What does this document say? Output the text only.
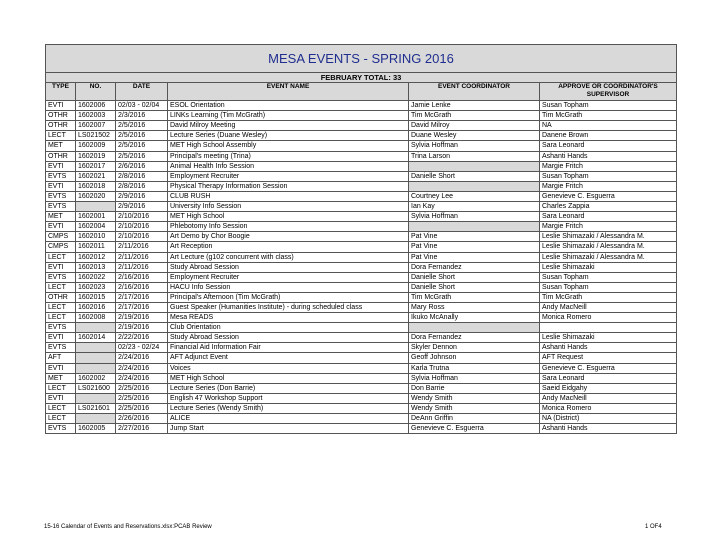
MESA EVENTS - SPRING 2016					
FEBRUARY TOTAL: 33					
TYPE	NO.	DATE	EVENT NAME	EVENT COORDINATOR	APPROVE OR COORDINATOR'S SUPERVISOR
EVTI	1602006	02/03 - 02/04	ESOL Orientation	Jamie Lenke	Susan Topham
OTHR	1602003	2/3/2016	LINKs Learning (Tim McGrath)	Tim McGrath	Tim McGrath
OTHR	1602007	2/5/2016	David Milroy Meeting	David Milroy	NA
LECT	LS021502	2/5/2016	Lecture Series (Duane Wesley)	Duane Wesley	Danene Brown
MET	1602009	2/5/2016	MET High School Assembly	Sylvia Hoffman	Sara Leonard
OTHR	1602019	2/5/2016	Principal's meeting (Trina)	Trina Larson	Ashanti Hands
EVTI	1602017	2/6/2016	Animal Health Info Session		Margie Fritch
EVTS	1602021	2/8/2016	Employment Recruiter	Danielle Short	Susan Topham
EVTI	1602018	2/8/2016	Physical Therapy Information Session		Margie Fritch
EVTS	1602020	2/9/2016	CLUB RUSH	Courtney Lee	Genevieve C. Esguerra
EVTS		2/9/2016	University Info Session	Ian Kay	Charles Zappia
MET	1602001	2/10/2016	MET High School	Sylvia Hoffman	Sara Leonard
EVTI	1602004	2/10/2016	Phlebotomy Info Session		Margie Fritch
CMPS	1602010	2/10/2016	Art Demo by Chor Boogie	Pat Vine	Leslie Shimazaki / Alessandra M.
CMPS	1602011	2/11/2016	Art Reception	Pat Vine	Leslie Shimazaki / Alessandra M.
LECT	1602012	2/11/2016	Art Lecture (g102 concurrent with class)	Pat Vine	Leslie Shimazaki / Alessandra M.
EVTI	1602013	2/11/2016	Study Abroad Session	Dora Fernandez	Leslie Shimazaki
EVTS	1602022	2/16/2016	Employment Recruiter	Danielle Short	Susan Topham
LECT	1602023	2/16/2016	HACU Info Session	Danielle Short	Susan Topham
OTHR	1602015	2/17/2016	Principal's Afternoon (Tim McGrath)	Tim McGrath	Tim McGrath
LECT	1602016	2/17/2016	Guest Speaker (Humanities Institute) - during scheduled class	Mary Ross	Andy MacNeill
LECT	1602008	2/19/2016	Mesa READS	Ikuko McAnally	Monica Romero
EVTS		2/19/2016	Club Orientation		
EVTI	1602014	2/22/2016	Study Abroad Session	Dora Fernandez	Leslie Shimazaki
EVTS		02/23 - 02/24	Financial Aid Information Fair	Skyler Dennon	Ashanti Hands
AFT		2/24/2016	AFT Adjunct Event	Geoff Johnson	AFT Request
EVTI		2/24/2016	Voices	Karla Trutna	Genevieve C. Esguerra
MET	1602002	2/24/2016	MET High School	Sylvia Hoffman	Sara Leonard
LECT	LS021600	2/25/2016	Lecture Series (Don Barrie)	Don Barrie	Saeid Eidgahy
EVTI		2/25/2016	English 47 Workshop Support	Wendy Smith	Andy MacNeill
LECT	LS021601	2/25/2016	Lecture Series (Wendy Smith)	Wendy Smith	Monica Romero
LECT		2/26/2016	ALICE	DeAnn Griffin	NA (District)
EVTS	1602005	2/27/2016	Jump Start	Genevieve C. Esguerra	Ashanti Hands
15-16 Calendar of Events and Reservations.xlsx:PCAB Review	1 OF4
